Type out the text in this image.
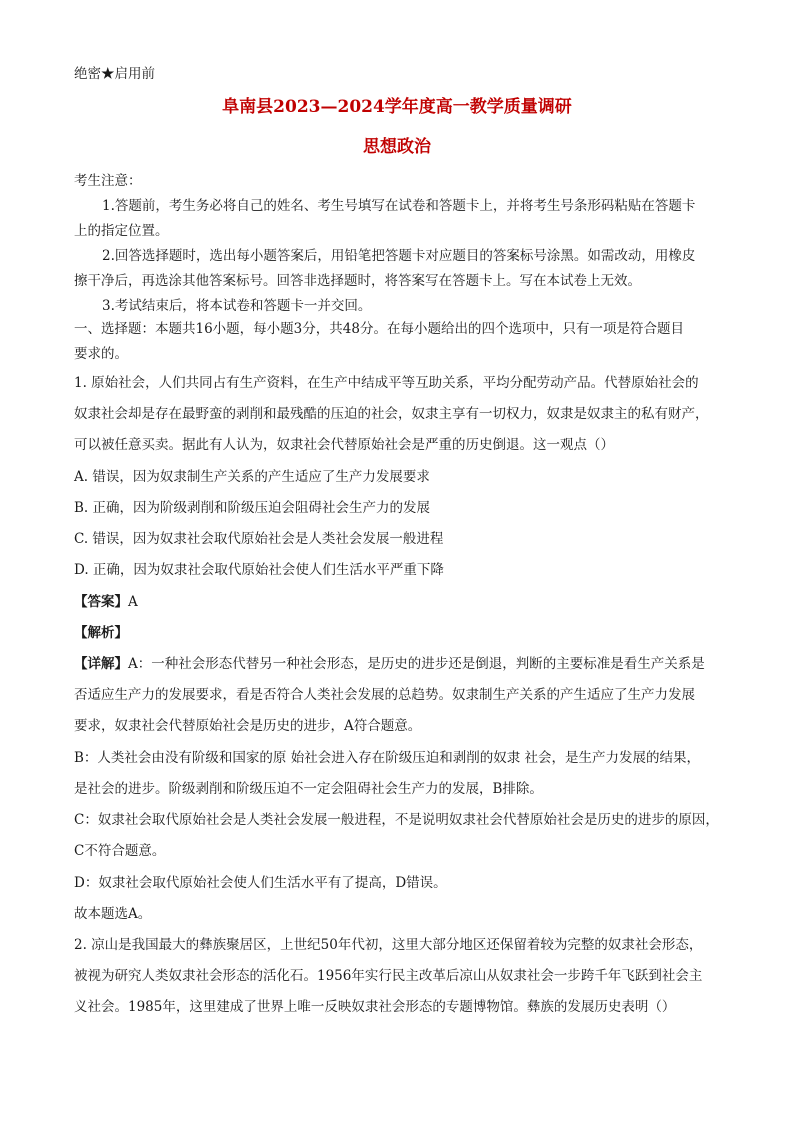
绝密★启用前
阜南县2023—2024学年度高一教学质量调研
思想政治
考生注意：
1.答题前，考生务必将自己的姓名、考生号填写在试卷和答题卡上，并将考生号条形码粘贴在答题卡
上的指定位置。
2.回答选择题时，选出每小题答案后，用铅笔把答题卡对应题目的答案标号涂黑。如需改动，用橡皮
擦干净后，再选涂其他答案标号。回答非选择题时，将答案写在答题卡上。写在本试卷上无效。
3.考试结束后，将本试卷和答题卡一并交回。
一、选择题：本题共16小题，每小题3分，共48分。在每小题给出的四个选项中，只有一项是符合题目
要求的。
1. 原始社会，人们共同占有生产资料，在生产中结成平等互助关系，平均分配劳动产品。代替原始社会的
奴隶社会却是存在最野蛮的剥削和最残酷的压迫的社会，奴隶主享有一切权力，奴隶是奴隶主的私有财产，
可以被任意买卖。据此有人认为，奴隶社会代替原始社会是严重的历史倒退。这一观点（）
A. 错误，因为奴隶制生产关系的产生适应了生产力发展要求
B. 正确，因为阶级剥削和阶级压迫会阻碍社会生产力的发展
C. 错误，因为奴隶社会取代原始社会是人类社会发展一般进程
D. 正确，因为奴隶社会取代原始社会使人们生活水平严重下降
【答案】A
【解析】
【详解】A：一种社会形态代替另一种社会形态，是历史的进步还是倒退，判断的主要标准是看生产关系是
否适应生产力的发展要求，看是否符合人类社会发展的总趋势。奴隶制生产关系的产生适应了生产力发展
要求，奴隶社会代替原始社会是历史的进步，A符合题意。
B：人类社会由没有阶级和国家的原 始社会进入存在阶级压迫和剥削的奴隶 社会，是生产力发展的结果，
是社会的进步。阶级剥削和阶级压迫不一定会阻碍社会生产力的发展，B排除。
C：奴隶社会取代原始社会是人类社会发展一般进程，不是说明奴隶社会代替原始社会是历史的进步的原因，
C不符合题意。
D：奴隶社会取代原始社会使人们生活水平有了提高，D错误。
故本题选A。
2. 凉山是我国最大的彝族聚居区，上世纪50年代初，这里大部分地区还保留着较为完整的奴隶社会形态，
被视为研究人类奴隶社会形态的活化石。1956年实行民主改革后凉山从奴隶社会一步跨千年飞跃到社会主
义社会。1985年，这里建成了世界上唯一反映奴隶社会形态的专题博物馆。彝族的发展历史表明（）
